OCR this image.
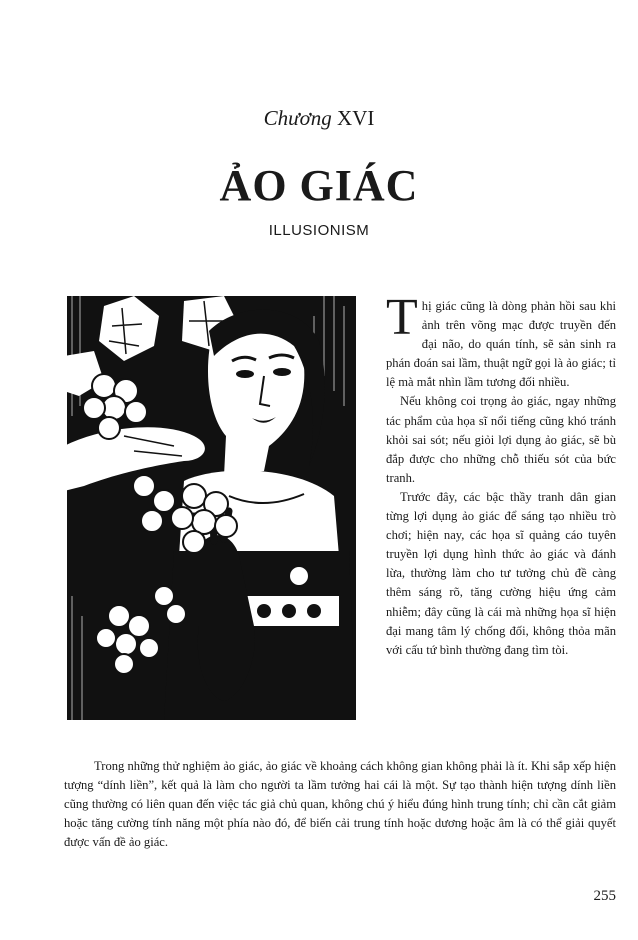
Chương XVI
ẢO GIÁC
ILLUSIONISM

Thị giác cũng là dòng phản hồi sau khi ảnh trên võng mạc được truyền đến đại não, do quán tính, sẽ sản sinh ra phán đoán sai lầm, thuật ngữ gọi là ảo giác; tỉ lệ mà mắt nhìn lầm tương đối nhiều.

Nếu không coi trọng ảo giác, ngay những tác phẩm của họa sĩ nổi tiếng cũng khó tránh khỏi sai sót; nếu giỏi lợi dụng ảo giác, sẽ bù đắp được cho những chỗ thiếu sót của bức tranh.

Trước đây, các bậc thầy tranh dân gian từng lợi dụng ảo giác để sáng tạo nhiều trò chơi; hiện nay, các họa sĩ quảng cáo tuyên truyền lợi dụng hình thức ảo giác và đánh lừa, thường làm cho tư tưởng chủ đề càng thêm sáng rõ, tăng cường hiệu ứng cảm nhiễm; đây cũng là cái mà những họa sĩ hiện đại mang tâm lý chống đối, không thỏa mãn với cấu tứ bình thường đang tìm tòi.

Trong những thử nghiệm ảo giác, ảo giác về khoảng cách không gian không phải là ít. Khi sắp xếp hiện tượng “dính liền”, kết quả là làm cho người ta lầm tưởng hai cái là một. Sự tạo thành hiện tượng dính liền cũng thường có liên quan đến việc tác giả chủ quan, không chú ý hiểu đúng hình trung tính; chỉ cần cắt giảm hoặc tăng cường tính năng một phía nào đó, để biến cải trung tính hoặc dương hoặc âm là có thể giải quyết được vấn đề ảo giác.

255
